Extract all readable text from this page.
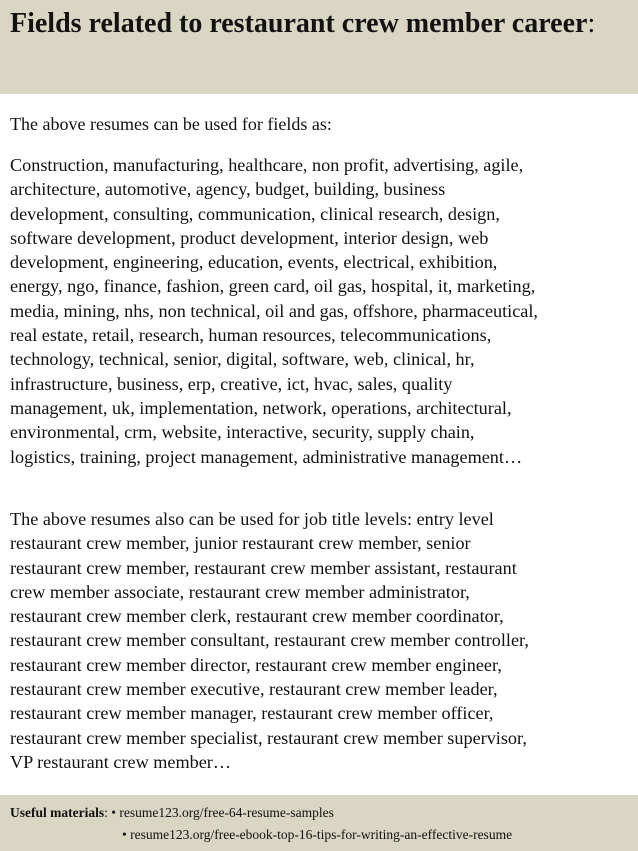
Fields related to restaurant crew member career:

The above resumes can be used for fields as:

Construction, manufacturing, healthcare, non profit, advertising, agile,
architecture, automotive, agency, budget, building, business
development, consulting, communication, clinical research, design,
software development, product development, interior design, web
development, engineering, education, events, electrical, exhibition,
energy, ngo, finance, fashion, green card, oil gas, hospital, it, marketing,
media, mining, nhs, non technical, oil and gas, offshore, pharmaceutical,
real estate, retail, research, human resources, telecommunications,
technology, technical, senior, digital, software, web, clinical, hr,
infrastructure, business, erp, creative, ict, hvac, sales, quality
management, uk, implementation, network, operations, architectural,
environmental, crm, website, interactive, security, supply chain,
logistics, training, project management, administrative management…

The above resumes also can be used for job title levels: entry level
restaurant crew member, junior restaurant crew member, senior
restaurant crew member, restaurant crew member assistant, restaurant
crew member associate, restaurant crew member administrator,
restaurant crew member clerk, restaurant crew member coordinator,
restaurant crew member consultant, restaurant crew member controller,
restaurant crew member director, restaurant crew member engineer,
restaurant crew member executive, restaurant crew member leader,
restaurant crew member manager, restaurant crew member officer,
restaurant crew member specialist, restaurant crew member supervisor,
VP restaurant crew member…

Useful materials: • resume123.org/free-64-resume-samples
• resume123.org/free-ebook-top-16-tips-for-writing-an-effective-resume
